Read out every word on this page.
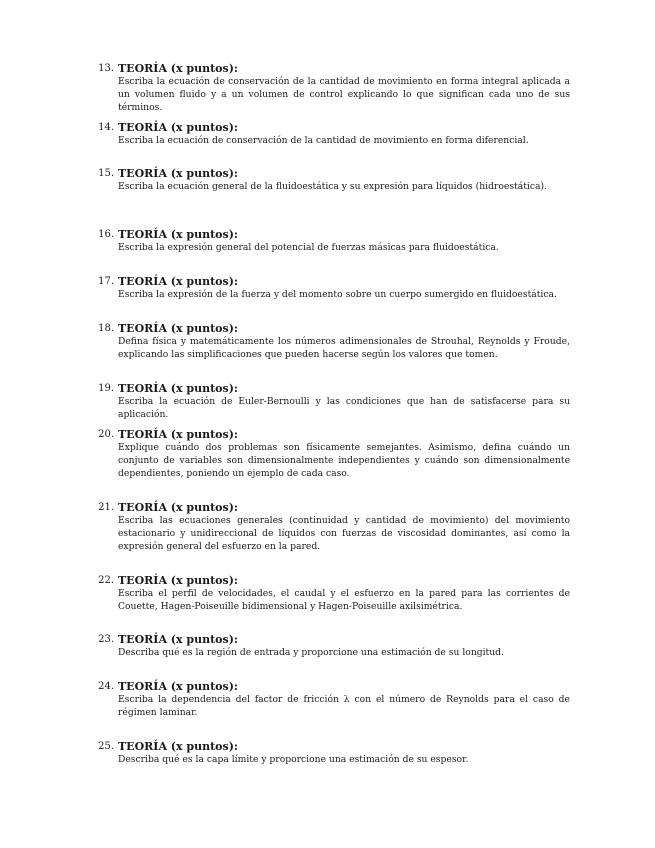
13. TEORÍA (x puntos):
Escriba la ecuación de conservación de la cantidad de movimiento en forma integral aplicada a un volumen fluido y a un volumen de control explicando lo que significan cada uno de sus términos.
14. TEORÍA (x puntos):
Escriba la ecuación de conservación de la cantidad de movimiento en forma diferencial.
15. TEORÍA (x puntos):
Escriba la ecuación general de la fluidoestática y su expresión para líquidos (hidroestática).
16. TEORÍA (x puntos):
Escriba la expresión general del potencial de fuerzas másicas para fluidoestática.
17. TEORÍA (x puntos):
Escriba la expresión de la fuerza y del momento sobre un cuerpo sumergido en fluidoestática.
18. TEORÍA (x puntos):
Defina física y matemáticamente los números adimensionales de Strouhal, Reynolds y Froude, explicando las simplificaciones que pueden hacerse según los valores que tomen.
19. TEORÍA (x puntos):
Escriba la ecuación de Euler-Bernoulli y las condiciones que han de satisfacerse para su aplicación.
20. TEORÍA (x puntos):
Explique cuándo dos problemas son físicamente semejantes. Asimismo, defina cuándo un conjunto de variables son dimensionalmente independientes y cuándo son dimensionalmente dependientes, poniendo un ejemplo de cada caso.
21. TEORÍA (x puntos):
Escriba las ecuaciones generales (continuidad y cantidad de movimiento) del movimiento estacionario y unidireccional de líquidos con fuerzas de viscosidad dominantes, así como la expresión general del esfuerzo en la pared.
22. TEORÍA (x puntos):
Escriba el perfil de velocidades, el caudal y el esfuerzo en la pared para las corrientes de Couette, Hagen-Poiseuille bidimensional y Hagen-Poiseuille axilsimétrica.
23. TEORÍA (x puntos):
Describa qué es la región de entrada y proporcione una estimación de su longitud.
24. TEORÍA (x puntos):
Escriba la dependencia del factor de fricción λ con el número de Reynolds para el caso de régimen laminar.
25. TEORÍA (x puntos):
Describa qué es la capa límite y proporcione una estimación de su espesor.
